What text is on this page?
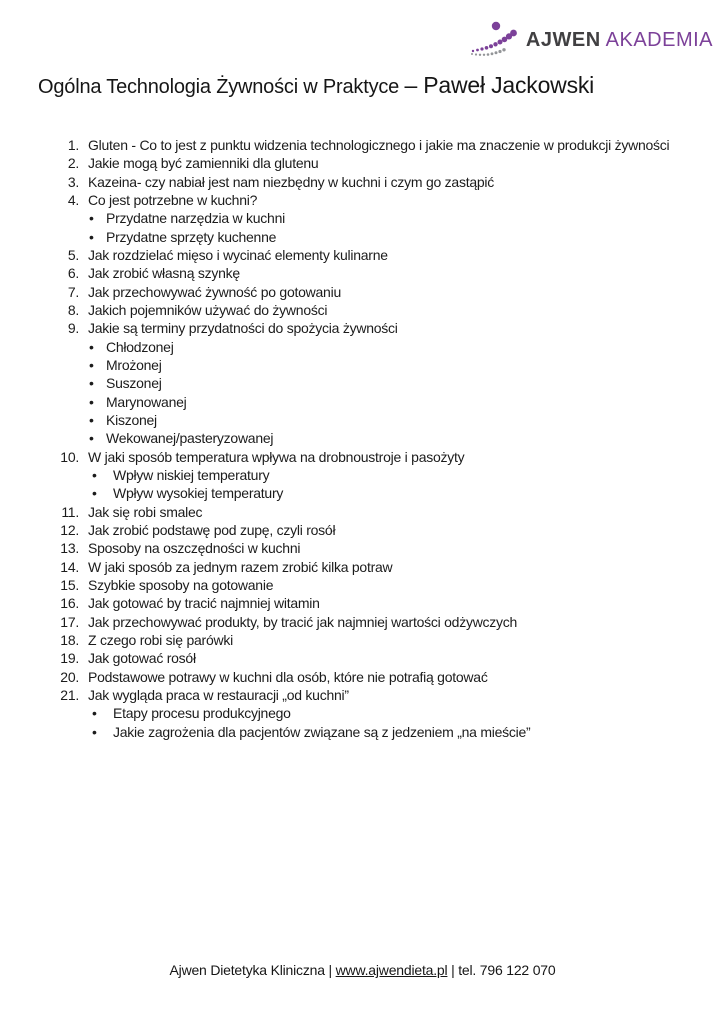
AJWEN AKADEMIA
Ogólna Technologia Żywności w Praktyce – Paweł Jackowski
1. Gluten - Co to jest z punktu widzenia technologicznego i jakie ma znaczenie w produkcji żywności
2. Jakie mogą być zamienniki dla glutenu
3. Kazeina- czy nabiał jest nam niezbędny w kuchni i czym go zastąpić
4. Co jest potrzebne w kuchni?
• Przydatne narzędzia w kuchni
• Przydatne sprzęty kuchenne
5. Jak rozdzielać mięso i wycinać elementy kulinarne
6. Jak zrobić własną szynkę
7. Jak przechowywać żywność po gotowaniu
8. Jakich pojemników używać do żywności
9. Jakie są terminy przydatności do spożycia żywności
• Chłodzonej
• Mrożonej
• Suszonej
• Marynowanej
• Kiszonej
• Wekowanej/pasteryzowanej
10. W jaki sposób temperatura wpływa na drobnoustroje i pasożyty
• Wpływ niskiej temperatury
• Wpływ wysokiej temperatury
11. Jak się robi smalec
12. Jak zrobić podstawę pod zupę, czyli rosół
13. Sposoby na oszczędności w kuchni
14. W jaki sposób za jednym razem zrobić kilka potraw
15. Szybkie sposoby na gotowanie
16. Jak gotować by tracić najmniej witamin
17. Jak przechowywać produkty, by tracić jak najmniej wartości odżywczych
18. Z czego robi się parówki
19. Jak gotować rosół
20. Podstawowe potrawy w kuchni dla osób, które nie potrafią gotować
21. Jak wygląda praca w restauracji „od kuchni”
• Etapy procesu produkcyjnego
• Jakie zagrożenia dla pacjentów związane są z jedzeniem „na mieście”
Ajwen Dietetyka Kliniczna | www.ajwendieta.pl | tel. 796 122 070
